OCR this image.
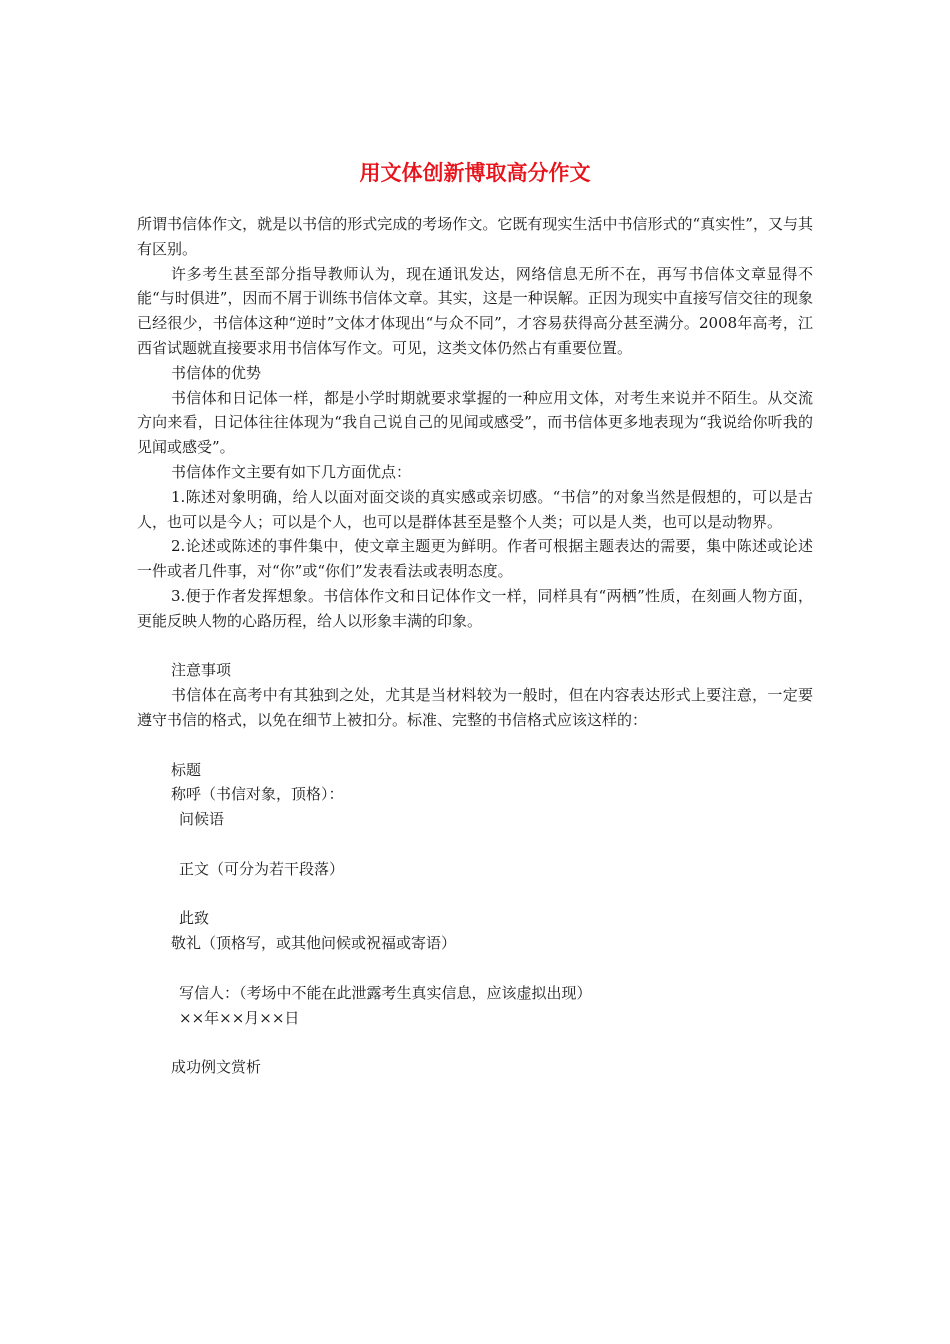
用文体创新博取高分作文

所谓书信体作文，就是以书信的形式完成的考场作文。它既有现实生活中书信形式的“真实性”，又与其有区别。

许多考生甚至部分指导教师认为，现在通讯发达，网络信息无所不在，再写书信体文章显得不能“与时俱进”，因而不屑于训练书信体文章。其实，这是一种误解。正因为现实中直接写信交往的现象已经很少，书信体这种“逆时”文体才体现出“与众不同”，才容易获得高分甚至满分。2008年高考，江西省试题就直接要求用书信体写作文。可见，这类文体仍然占有重要位置。

书信体的优势

书信体和日记体一样，都是小学时期就要求掌握的一种应用文体，对考生来说并不陌生。从交流方向来看，日记体往往体现为“我自己说自己的见闻或感受”，而书信体更多地表现为“我说给你听我的见闻或感受”。

书信体作文主要有如下几方面优点：

1.陈述对象明确，给人以面对面交谈的真实感或亲切感。“书信”的对象当然是假想的，可以是古人，也可以是今人；可以是个人，也可以是群体甚至是整个人类；可以是人类，也可以是动物界。

2.论述或陈述的事件集中，使文章主题更为鲜明。作者可根据主题表达的需要，集中陈述或论述一件或者几件事，对“你”或“你们”发表看法或表明态度。

3.便于作者发挥想象。书信体作文和日记体作文一样，同样具有“两栖”性质，在刻画人物方面，更能反映人物的心路历程，给人以形象丰满的印象。

注意事项

书信体在高考中有其独到之处，尤其是当材料较为一般时，但在内容表达形式上要注意，一定要遵守书信的格式，以免在细节上被扣分。标准、完整的书信格式应该这样的：

标题

称呼（书信对象，顶格）：

问候语

正文（可分为若干段落）

此致

敬礼（顶格写，或其他问候或祝福或寄语）

写信人：（考场中不能在此泄露考生真实信息，应该虚拟出现）

××年××月××日

成功例文赏析
